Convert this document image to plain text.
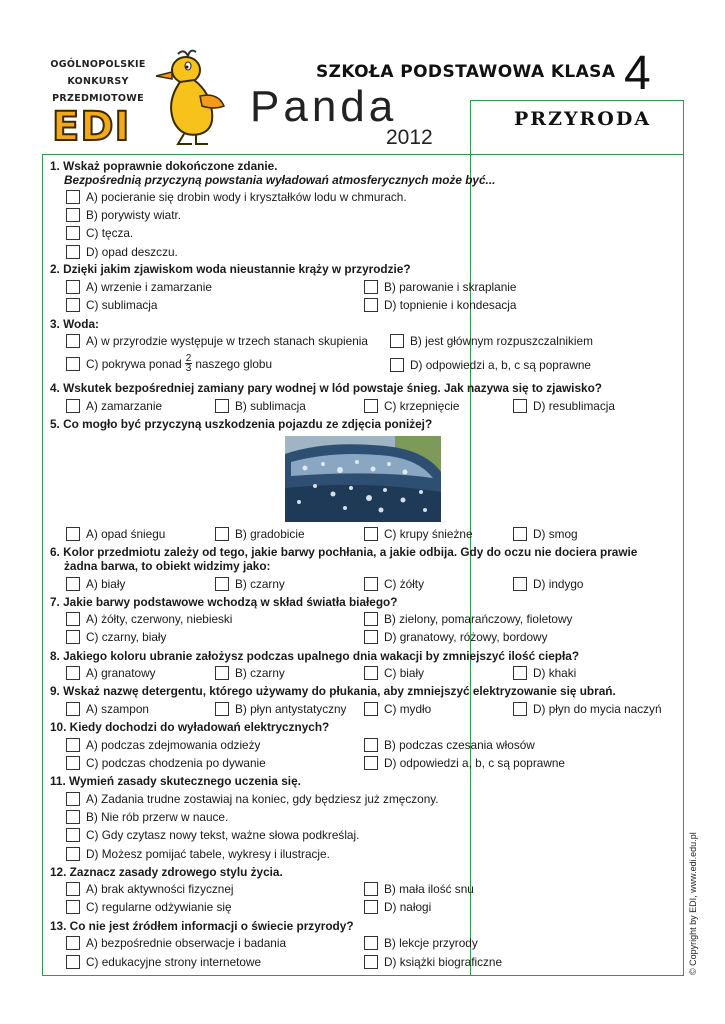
OGÓLNOPOLSKIE
KONKURSY
PRZEDMIOTOWE
EDI
SZKOŁA PODSTAWOWA KLASA 4
Panda
2012
PRZYRODA
© Copyright by EDI, www.edi.edu.pl
1. Wskaż poprawnie dokończone zdanie.
Bezpośrednią przyczyną powstania wyładowań atmosferycznych może być...
A) pocieranie się drobin wody i kryształków lodu w chmurach.
B) porywisty wiatr.
C) tęcza.
D) opad deszczu.
2. Dzięki jakim zjawiskom woda nieustannie krąży w przyrodzie?
A) wrzenie i zamarzanie	B) parowanie i skraplanie
C) sublimacja	D) topnienie i kondesacja
3. Woda:
A) w przyrodzie występuje w trzech stanach skupienia	B) jest głównym rozpuszczalnikiem
C) pokrywa ponad $\frac{2}{3}$ naszego globu	D) odpowiedzi a, b, c są poprawne
4. Wskutek bezpośredniej zamiany pary wodnej w lód powstaje śnieg. Jak nazywa się to zjawisko?
A) zamarzanie	B) sublimacja	C) krzepnięcie	D) resublimacja
5. Co mogło być przyczyną uszkodzenia pojazdu ze zdjęcia poniżej?
A) opad śniegu	B) gradobicie	C) krupy śnieżne	D) smog
6. Kolor przedmiotu zależy od tego, jakie barwy pochłania, a jakie odbija. Gdy do oczu nie dociera prawie
żadna barwa, to obiekt widzimy jako:
A) biały	B) czarny	C) żółty	D) indygo
7. Jakie barwy podstawowe wchodzą w skład światła białego?
A) żółty, czerwony, niebieski	B) zielony, pomarańczowy, fioletowy
C) czarny, biały	D) granatowy, różowy, bordowy
8. Jakiego koloru ubranie założysz podczas upalnego dnia wakacji by zmniejszyć ilość ciepła?
A) granatowy	B) czarny	C) biały	D) khaki
9. Wskaż nazwę detergentu, którego używamy do płukania, aby zmniejszyć elektryzowanie się ubrań.
A) szampon	B) płyn antystatyczny	C) mydło	D) płyn do mycia naczyń
10. Kiedy dochodzi do wyładowań elektrycznych?
A) podczas zdejmowania odzieży	B) podczas czesania włosów
C) podczas chodzenia po dywanie	D) odpowiedzi a, b, c są poprawne
11. Wymień zasady skutecznego uczenia się.
A) Zadania trudne zostawiaj na koniec, gdy będziesz już zmęczony.
B) Nie rób przerw w nauce.
C) Gdy czytasz nowy tekst, ważne słowa podkreślaj.
D) Możesz pomijać tabele, wykresy i ilustracje.
12. Zaznacz zasady zdrowego stylu życia.
A) brak aktywności fizycznej	B) mała ilość snu
C) regularne odżywianie się	D) nałogi
13. Co nie jest źródłem informacji o świecie przyrody?
A) bezpośrednie obserwacje i badania	B) lekcje przyrody
C) edukacyjne strony internetowe	D) książki biograficzne
